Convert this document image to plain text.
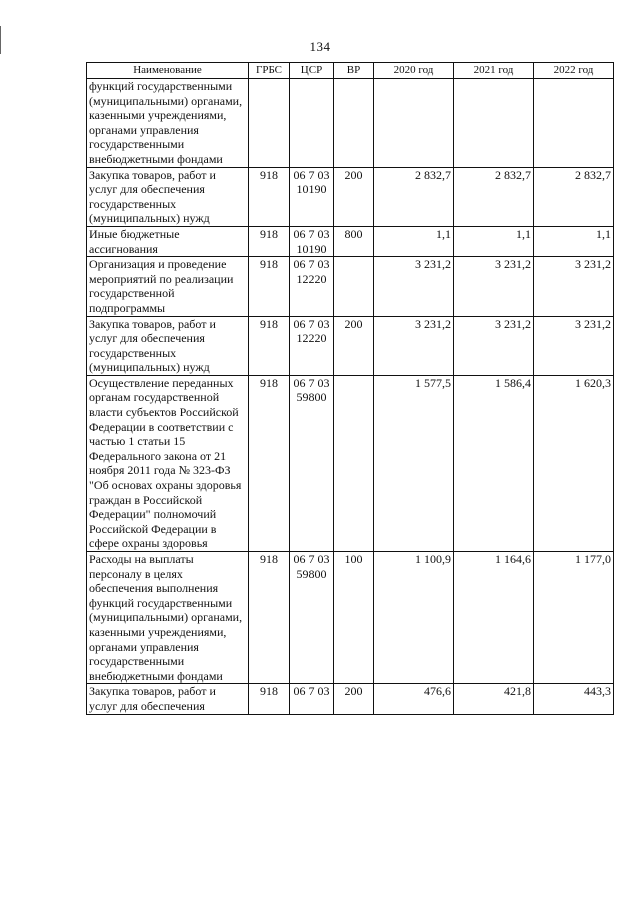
134
Наименование	ГРБС	ЦСР	ВР	2020 год	2021 год	2022 год
функций государственными (муниципальными) органами, казенными учреждениями, органами управления государственными внебюджетными фондами						
Закупка товаров, работ и услуг для обеспечения государственных (муниципальных) нужд	918	06 7 03 10190	200	2 832,7	2 832,7	2 832,7
Иные бюджетные ассигнования	918	06 7 03 10190	800	1,1	1,1	1,1
Организация и проведение мероприятий по реализации государственной подпрограммы	918	06 7 03 12220		3 231,2	3 231,2	3 231,2
Закупка товаров, работ и услуг для обеспечения государственных (муниципальных) нужд	918	06 7 03 12220	200	3 231,2	3 231,2	3 231,2
Осуществление переданных органам государственной власти субъектов Российской Федерации в соответствии с частью 1 статьи 15 Федерального закона от 21 ноября 2011 года № 323-ФЗ "Об основах охраны здоровья граждан в Российской Федерации" полномочий Российской Федерации в сфере охраны здоровья	918	06 7 03 59800		1 577,5	1 586,4	1 620,3
Расходы на выплаты персоналу в целях обеспечения выполнения функций государственными (муниципальными) органами, казенными учреждениями, органами управления государственными внебюджетными фондами	918	06 7 03 59800	100	1 100,9	1 164,6	1 177,0
Закупка товаров, работ и услуг для обеспечения	918	06 7 03	200	476,6	421,8	443,3
